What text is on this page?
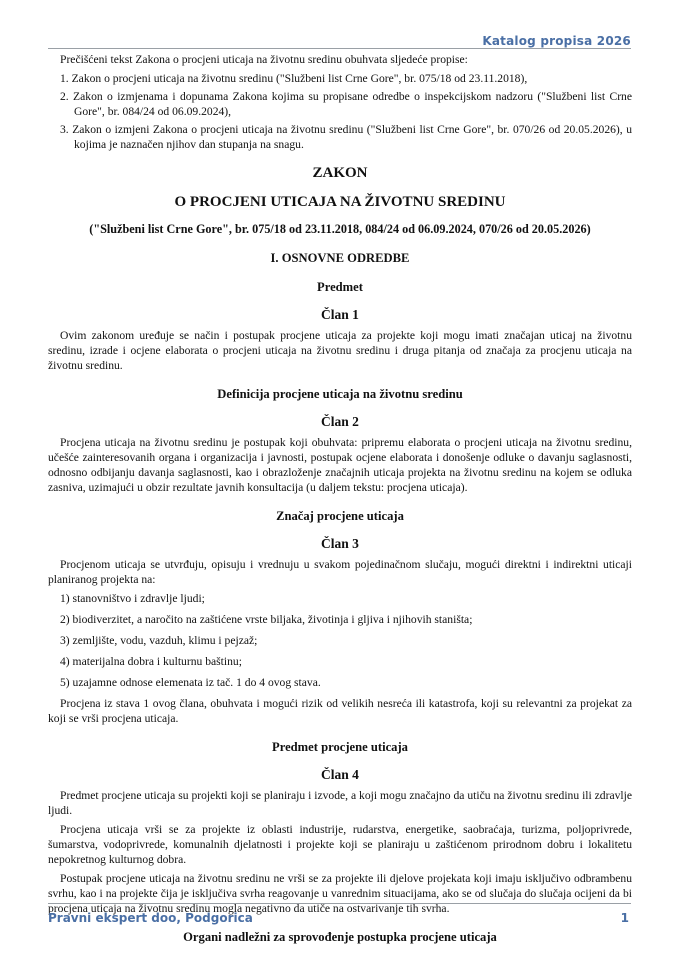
Katalog propisa 2026

Prečišćeni tekst Zakona o procjeni uticaja na životnu sredinu obuhvata sljedeće propise:

1. Zakon o procjeni uticaja na životnu sredinu ("Službeni list Crne Gore", br. 075/18 od 23.11.2018),
2. Zakon o izmjenama i dopunama Zakona kojima su propisane odredbe o inspekcijskom nadzoru ("Službeni list Crne Gore", br. 084/24 od 06.09.2024),
3. Zakon o izmjeni Zakona o procjeni uticaja na životnu sredinu ("Službeni list Crne Gore", br. 070/26 od 20.05.2026), u kojima je naznačen njihov dan stupanja na snagu.
ZAKON
O PROCJENI UTICAJA NA ŽIVOTNU SREDINU
("Službeni list Crne Gore", br. 075/18 od 23.11.2018, 084/24 od 06.09.2024, 070/26 od 20.05.2026)
I. OSNOVNE ODREDBE
Predmet
Član 1

Ovim zakonom uređuje se način i postupak procjene uticaja za projekte koji mogu imati značajan uticaj na životnu sredinu, izrade i ocjene elaborata o procjeni uticaja na životnu sredinu i druga pitanja od značaja za procjenu uticaja na životnu sredinu.

Definicija procjene uticaja na životnu sredinu
Član 2

Procjena uticaja na životnu sredinu je postupak koji obuhvata: pripremu elaborata o procjeni uticaja na životnu sredinu, učešće zainteresovanih organa i organizacija i javnosti, postupak ocjene elaborata i donošenje odluke o davanju saglasnosti, odnosno odbijanju davanja saglasnosti, kao i obrazloženje značajnih uticaja projekta na životnu sredinu na kojem se odluka zasniva, uzimajući u obzir rezultate javnih konsultacija (u daljem tekstu: procjena uticaja).

Značaj procjene uticaja
Član 3

Procjenom uticaja se utvrđuju, opisuju i vrednuju u svakom pojedinačnom slučaju, mogući direktni i indirektni uticaji planiranog projekta na:

1) stanovništvo i zdravlje ljudi;

2) biodiverzitet, a naročito na zaštićene vrste biljaka, životinja i gljiva i njihovih staništa;

3) zemljište, vodu, vazduh, klimu i pejzaž;

4) materijalna dobra i kulturnu baštinu;

5) uzajamne odnose elemenata iz tač. 1 do 4 ovog stava.

Procjena iz stava 1 ovog člana, obuhvata i mogući rizik od velikih nesreća ili katastrofa, koji su relevantni za projekat za koji se vrši procjena uticaja.

Predmet procjene uticaja
Član 4

Predmet procjene uticaja su projekti koji se planiraju i izvode, a koji mogu značajno da utiču na životnu sredinu ili zdravlje ljudi.

Procjena uticaja vrši se za projekte iz oblasti industrije, rudarstva, energetike, saobraćaja, turizma, poljoprivrede, šumarstva, vodoprivrede, komunalnih djelatnosti i projekte koji se planiraju u zaštićenom prirodnom dobru i lokalitetu nepokretnog kulturnog dobra.

Postupak procjene uticaja na životnu sredinu ne vrši se za projekte ili djelove projekata koji imaju isključivo odbrambenu svrhu, kao i na projekte čija je isključiva svrha reagovanje u vanrednim situacijama, ako se od slučaja do slučaja ocijeni da bi procjena uticaja na životnu sredinu mogla negativno da utiče na ostvarivanje tih svrha.

Organi nadležni za sprovođenje postupka procjene uticaja
Pravni ekspert doo, Podgorica	1
